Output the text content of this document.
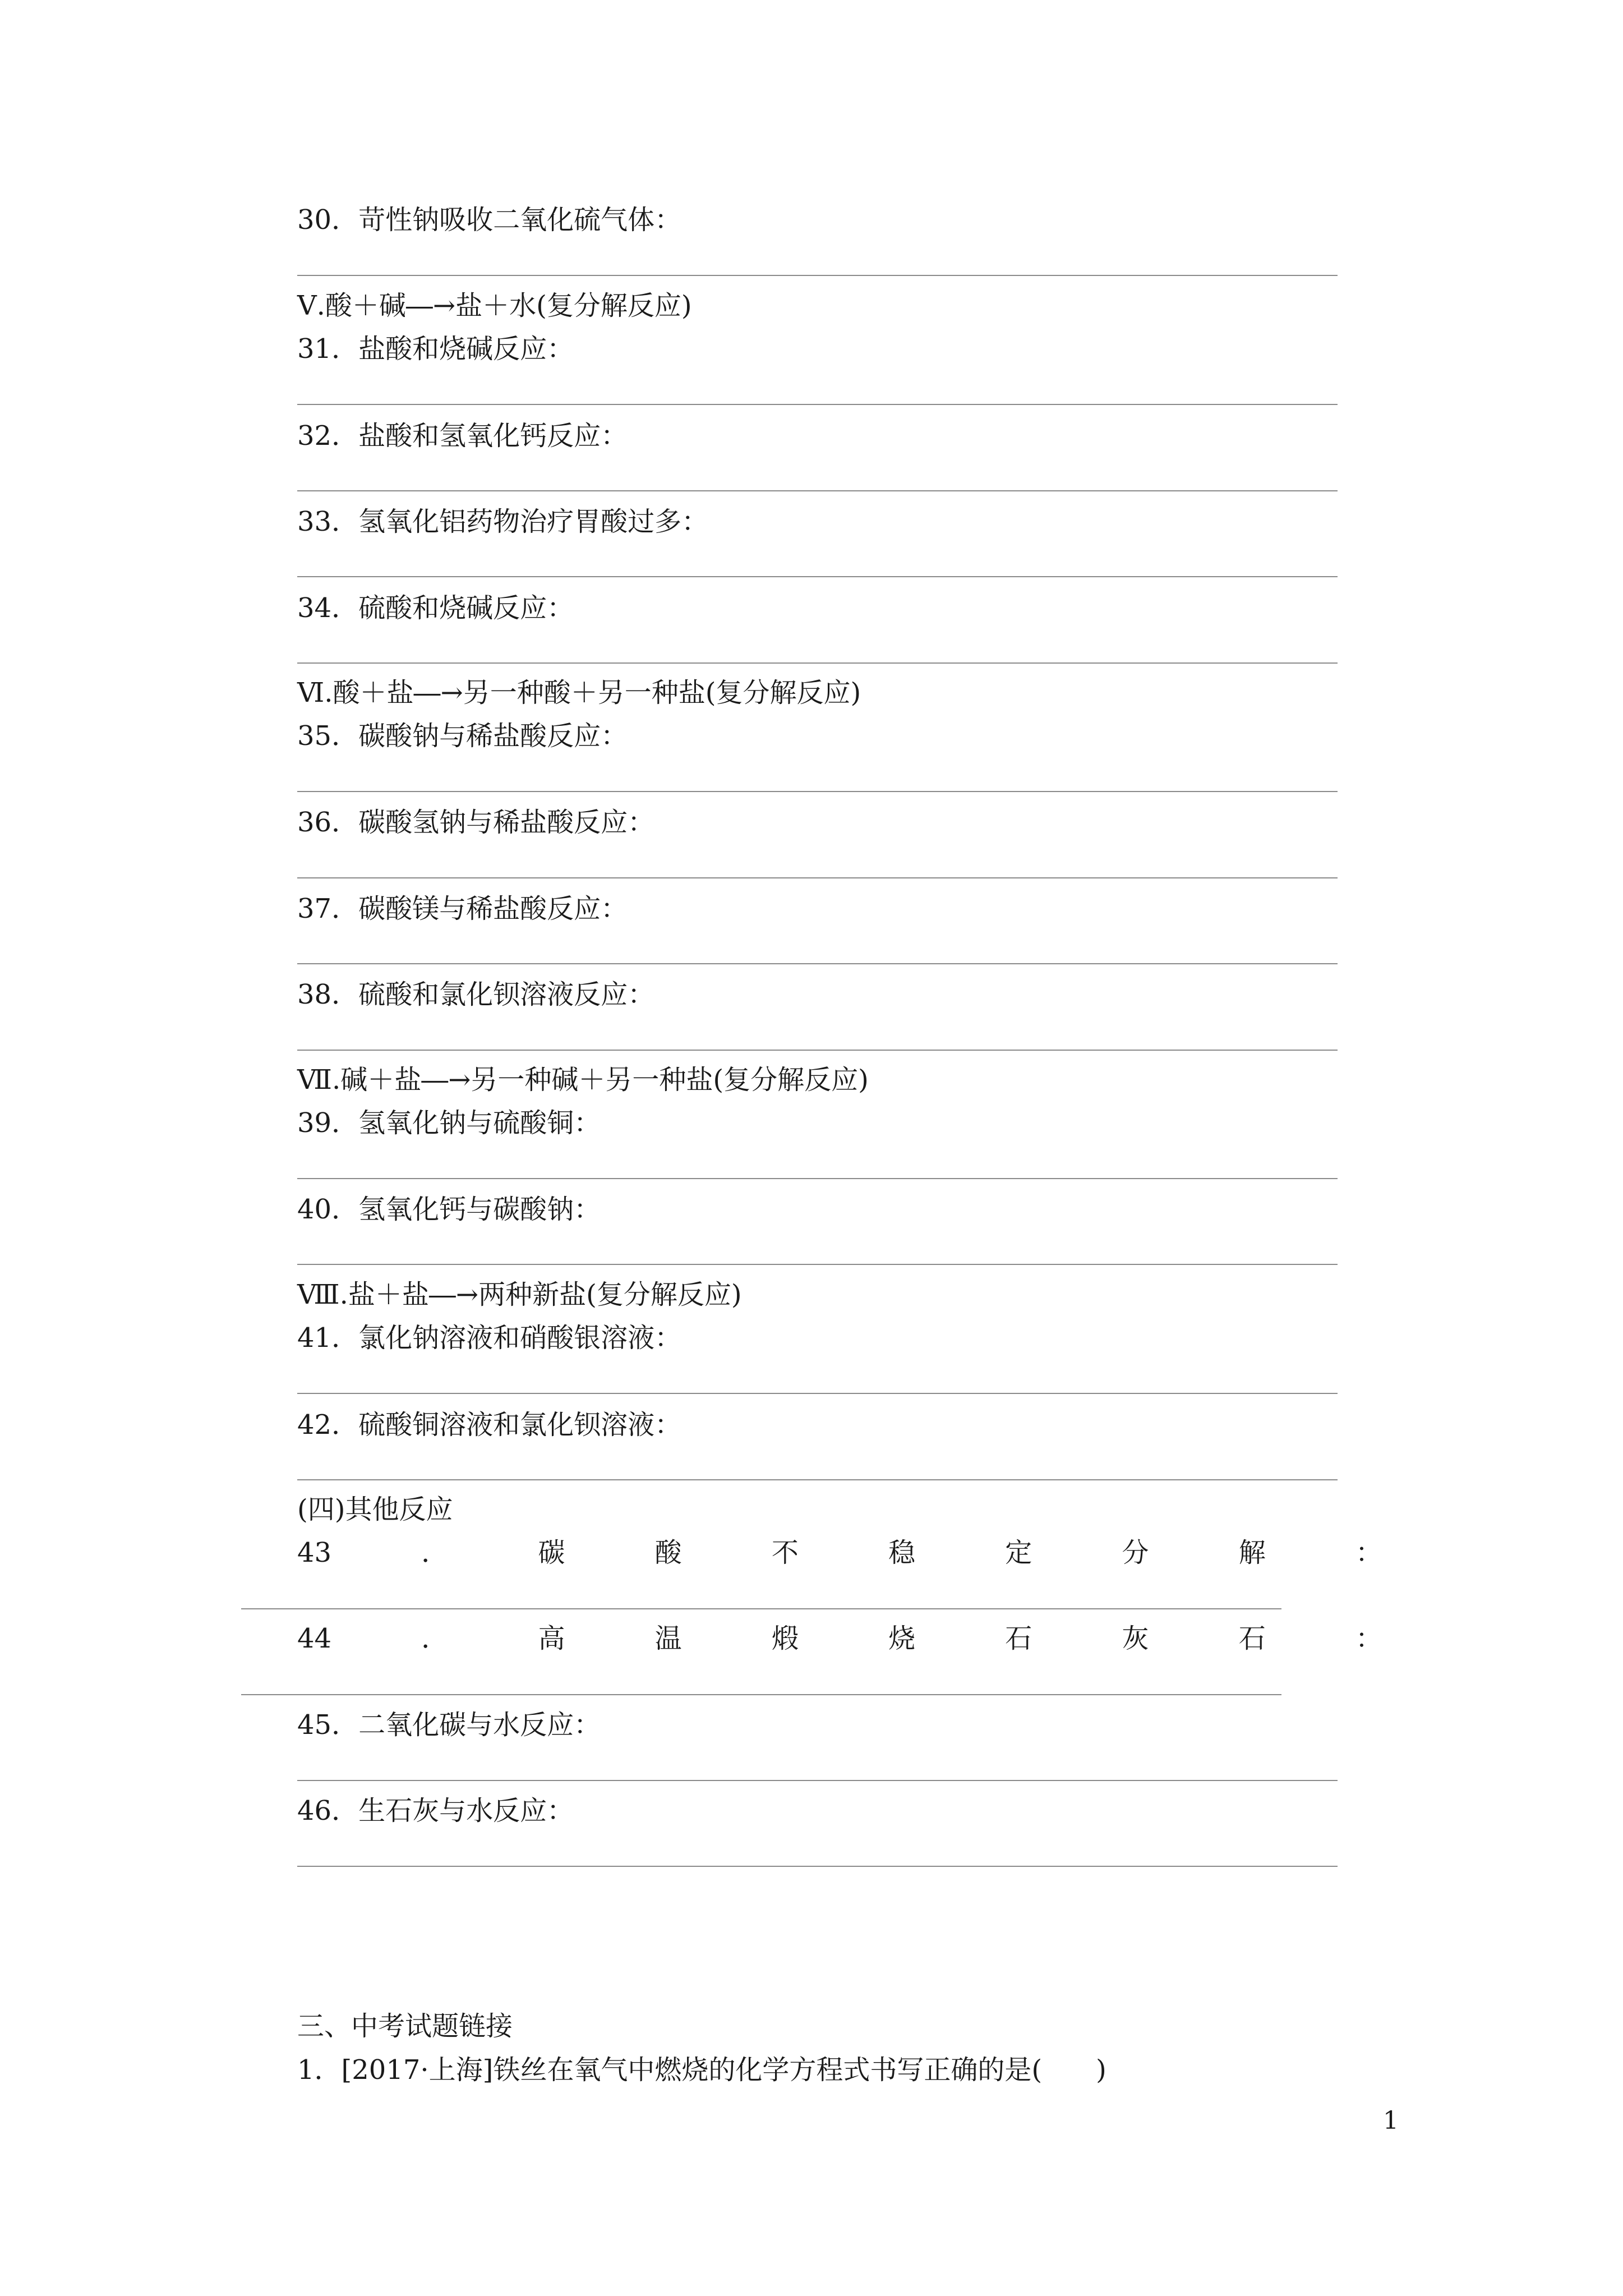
30．苛性钠吸收二氧化硫气体：
Ⅴ.酸＋碱―→盐＋水(复分解反应)
31．盐酸和烧碱反应：
32．盐酸和氢氧化钙反应：
33．氢氧化铝药物治疗胃酸过多：
34．硫酸和烧碱反应：
Ⅵ.酸＋盐―→另一种酸＋另一种盐(复分解反应)
35．碳酸钠与稀盐酸反应：
36．碳酸氢钠与稀盐酸反应：
37．碳酸镁与稀盐酸反应：
38．硫酸和氯化钡溶液反应：
Ⅶ.碱＋盐―→另一种碱＋另一种盐(复分解反应)
39．氢氧化钠与硫酸铜：
40．氢氧化钙与碳酸钠：
Ⅷ.盐＋盐―→两种新盐(复分解反应)
41．氯化钠溶液和硝酸银溶液：
42．硫酸铜溶液和氯化钡溶液：
(四)其他反应
43	．	碳	酸	不	稳	定	分	解	：
44	．	高	温	煅	烧	石	灰	石	：
45．二氧化碳与水反应：
46．生石灰与水反应：
三、中考试题链接
1．[2017·上海]铁丝在氧气中燃烧的化学方程式书写正确的是(　　)
1
